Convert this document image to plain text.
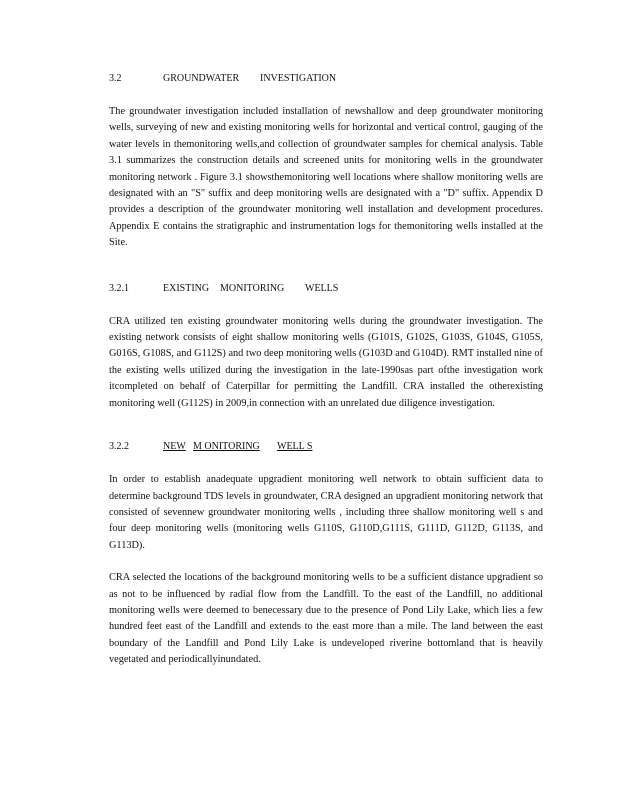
3.2	GROUNDWATER INVESTIGATION

The groundwater investigation included installation of newshallow and deep groundwater monitoring wells, surveying of new and existing monitoring wells for horizontal and vertical control, gauging of the water levels in themonitoring wells,and collection of groundwater samples for chemical analysis. Table 3.1 summarizes the construction details and screened units for monitoring wells in the groundwater monitoring network . Figure 3.1 showsthemonitoring well locations where shallow monitoring wells are designated with an "S" suffix and deep monitoring wells are designated with a "D" suffix. Appendix D provides a description of the groundwater monitoring well installation and development procedures. Appendix E contains the stratigraphic and instrumentation logs for themonitoring wells installed at the Site.

3.2.1	EXISTING MONITORING WELLS

CRA utilized ten existing groundwater monitoring wells during the groundwater investigation. The existing network consists of eight shallow monitoring wells (G101S, G102S, G103S, G104S, G105S, G016S, G108S, and G112S) and two deep monitoring wells (G103D and G104D). RMT installed nine of the existing wells utilized during the investigation in the late-1990sas part ofthe investigation work itcompleted on behalf of Caterpillar for permitting the Landfill. CRA installed the otherexisting monitoring well (G112S) in 2009,in connection with an unrelated due diligence investigation.

3.2.2	NEW M ONITORING WELL S

In order to establish anadequate upgradient monitoring well network to obtain sufficient data to determine background TDS levels in groundwater, CRA designed an upgradient monitoring network that consisted of sevennew groundwater monitoring wells , including three shallow monitoring well s and four deep monitoring wells (monitoring wells G110S, G110D,G111S, G111D, G112D, G113S, and G113D).

CRA selected the locations of the background monitoring wells to be a sufficient distance upgradient so as not to be influenced by radial flow from the Landfill. To the east of the Landfill, no additional monitoring wells were deemed to benecessary due to the presence of Pond Lily Lake, which lies a few hundred feet east of the Landfill and extends to the east more than a mile. The land between the east boundary of the Landfill and Pond Lily Lake is undeveloped riverine bottomland that is heavily vegetated and periodicallyinundated.
